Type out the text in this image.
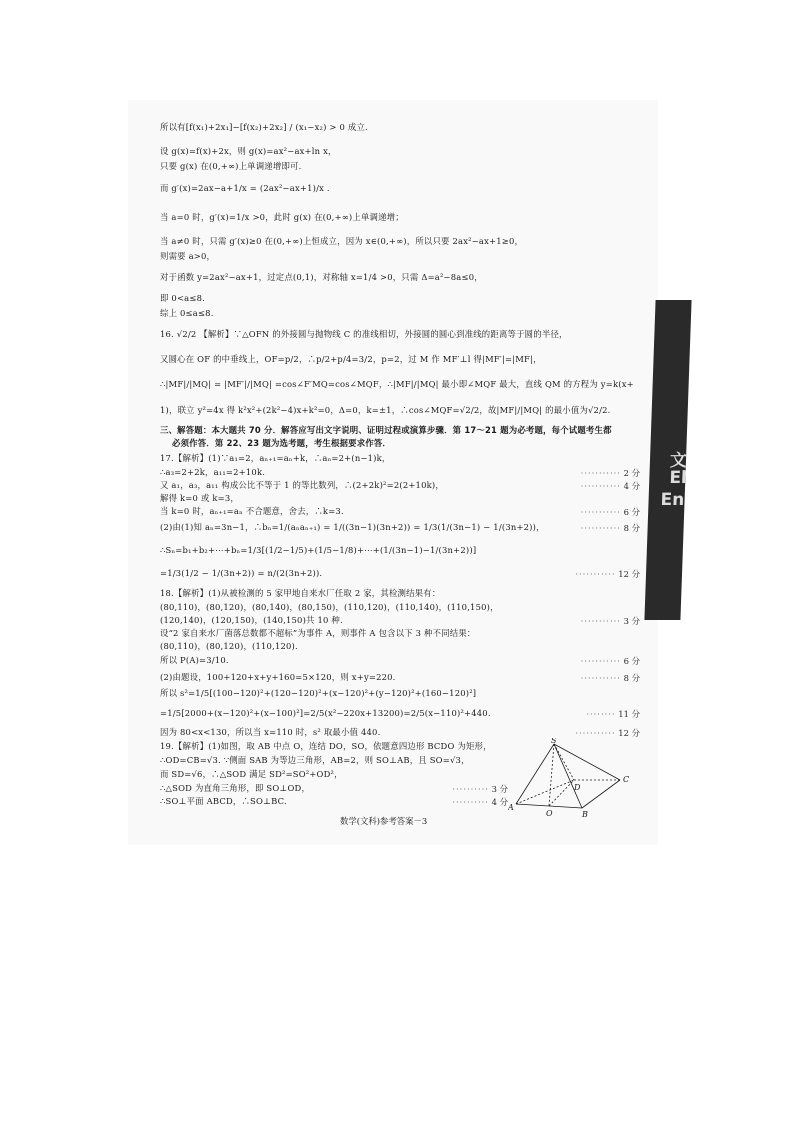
文
El
En
所以有[f(x₁)+2x₁]−[f(x₂)+2x₂] / (x₁−x₂) > 0 成立.
设 g(x)=f(x)+2x，则 g(x)=ax²−ax+ln x，
只要 g(x) 在(0,+∞)上单调递增即可.
而 g′(x)=2ax−a+1/x = (2ax²−ax+1)/x .
当 a=0 时，g′(x)=1/x >0，此时 g(x) 在(0,+∞)上单调递增；
当 a≠0 时，只需 g′(x)≥0 在(0,+∞)上恒成立，因为 x∈(0,+∞)，所以只要 2ax²−ax+1≥0，
则需要 a>0，
对于函数 y=2ax²−ax+1，过定点(0,1)，对称轴 x=1/4 >0，只需 Δ=a²−8a≤0，
即 0<a≤8.
综上 0≤a≤8.
16. √2/2 【解析】∵△OFN 的外接圆与抛物线 C 的准线相切，外接圆的圆心到准线的距离等于圆的半径，
又圆心在 OF 的中垂线上，OF=p/2，∴p/2+p/4=3/2，p=2，过 M 作 MF′⊥l 得|MF′|=|MF|，
∴|MF|/|MQ| = |MF′|/|MQ| =cos∠F′MQ=cos∠MQF，∴|MF|/|MQ| 最小即∠MQF 最大，直线 QM 的方程为 y=k(x+
1)，联立 y²=4x 得 k²x²+(2k²−4)x+k²=0，Δ=0，k=±1，∴cos∠MQF=√2/2，故|MF|/|MQ| 的最小值为√2/2.
三、解答题：本大题共 70 分．解答应写出文字说明、证明过程或演算步骤．第 17～21 题为必考题，每个试题考生都
必须作答．第 22、23 题为选考题，考生根据要求作答．
17.【解析】(1)∵a₁=2，aₙ₊₁=aₙ+k，∴aₙ=2+(n−1)k，
∴a₃=2+2k，a₁₁=2+10k.
又 a₁，a₃，a₁₁ 构成公比不等于 1 的等比数列，∴(2+2k)²=2(2+10k)，
解得 k=0 或 k=3，
当 k=0 时，aₙ₊₁=aₙ 不合题意，舍去，∴k=3.
(2)由(1)知 aₙ=3n−1，∴bₙ=1/(aₙaₙ₊₁) = 1/((3n−1)(3n+2)) = 1/3(1/(3n−1) − 1/(3n+2))，
∴Sₙ=b₁+b₂+⋯+bₙ=1/3[(1/2−1/5)+(1/5−1/8)+⋯+(1/(3n−1)−1/(3n+2))]
=1/3(1/2 − 1/(3n+2)) = n/(2(3n+2)).
18.【解析】(1)从被检测的 5 家甲地自来水厂任取 2 家，其检测结果有：
(80,110)，(80,120)，(80,140)，(80,150)，(110,120)，(110,140)，(110,150)，
(120,140)，(120,150)，(140,150)共 10 种.
设“2 家自来水厂菌落总数都不超标”为事件 A，则事件 A 包含以下 3 种不同结果：
(80,110)，(80,120)，(110,120).
所以 P(A)=3/10.
(2)由题设，100+120+x+y+160=5×120，则 x+y=220.
所以 s²=1/5[(100−120)²+(120−120)²+(x−120)²+(y−120)²+(160−120)²]
=1/5[2000+(x−120)²+(x−100)²]=2/5(x²−220x+13200)=2/5(x−110)²+440.
因为 80<x<130，所以当 x=110 时，s² 取最小值 440.
19.【解析】(1)如图，取 AB 中点 O，连结 DO，SO，依题意四边形 BCDO 为矩形，
∴OD=CB=√3. ∵侧面 SAB 为等边三角形，AB=2，则 SO⊥AB，且 SO=√3，
而 SD=√6，∴△SOD 满足 SD²=SO²+OD²，
∴△SOD 为直角三角形，即 SO⊥OD，
∴SO⊥平面 ABCD，∴SO⊥BC.
··········· 2 分
··········· 4 分
··········· 6 分
··········· 8 分
··········· 12 分
··········· 3 分
··········· 6 分
··········· 8 分
········ 11 分
··········· 12 分
·········· 3 分
·········· 4 分
S
A
B
C
D
O
数学(文科)参考答案－3
